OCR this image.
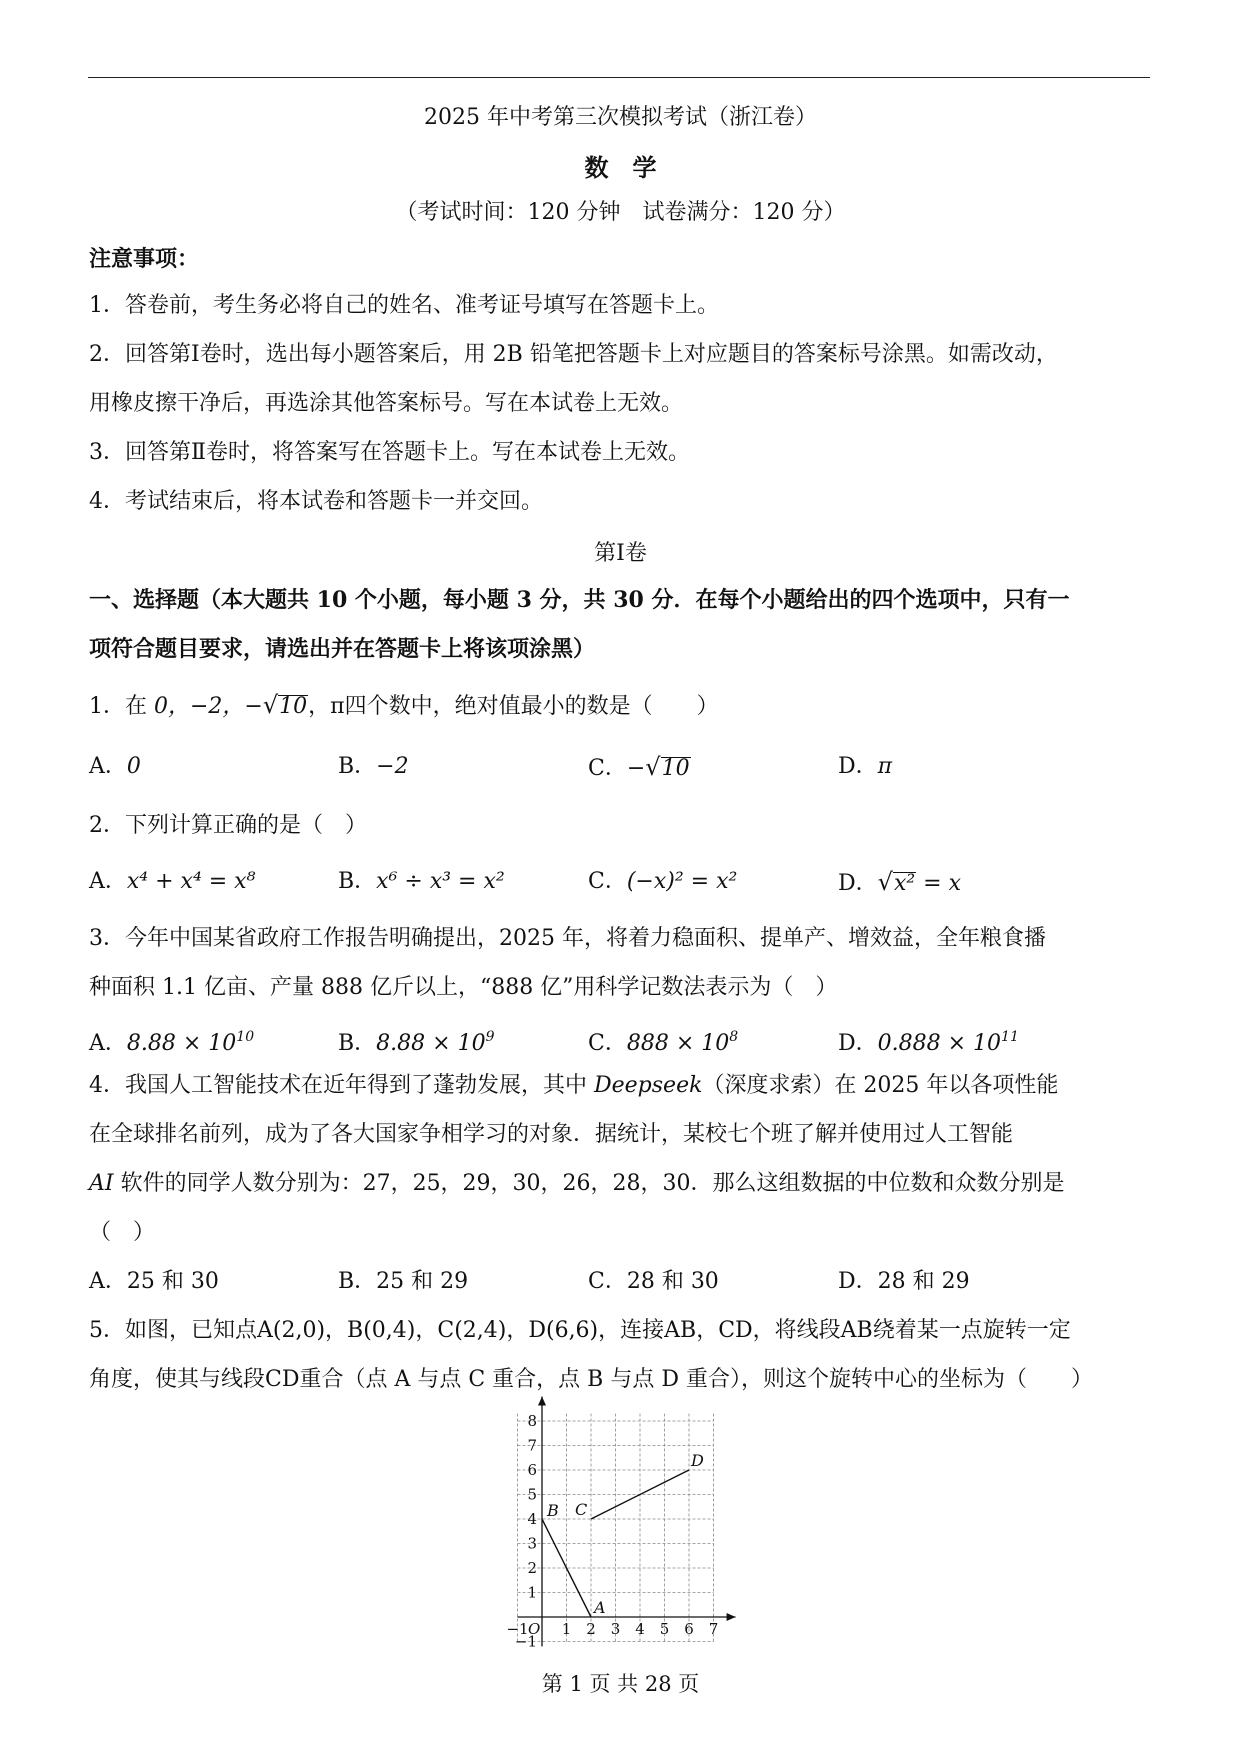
2025 年中考第三次模拟考试（浙江卷）
数　学
（考试时间：120 分钟　试卷满分：120 分）
注意事项：
1．答卷前，考生务必将自己的姓名、准考证号填写在答题卡上。
2．回答第Ⅰ卷时，选出每小题答案后，用 2B 铅笔把答题卡上对应题目的答案标号涂黑。如需改动，
用橡皮擦干净后，再选涂其他答案标号。写在本试卷上无效。
3．回答第Ⅱ卷时，将答案写在答题卡上。写在本试卷上无效。
4．考试结束后，将本试卷和答题卡一并交回。
第Ⅰ卷
一、选择题（本大题共 10 个小题，每小题 3 分，共 30 分．在每个小题给出的四个选项中，只有一
项符合题目要求，请选出并在答题卡上将该项涂黑）
1．在 0，−2，−√10，π四个数中，绝对值最小的数是（　　）
A．0	B．−2	C．−√10	D．π
2．下列计算正确的是（　）
A．x⁴ + x⁴ = x⁸	B．x⁶ ÷ x³ = x²	C．(−x)² = x²	D．√x² = x
3．今年中国某省政府工作报告明确提出，2025 年，将着力稳面积、提单产、增效益，全年粮食播
种面积 1.1 亿亩、产量 888 亿斤以上，“888 亿”用科学记数法表示为（　）
A．$8.88 \times 10^{10}$	B．$8.88 \times 10^9$	C．$888 \times 10^8$	D．$0.888 \times 10^{11}$
4．我国人工智能技术在近年得到了蓬勃发展，其中 Deepseek（深度求索）在 2025 年以各项性能
在全球排名前列，成为了各大国家争相学习的对象．据统计，某校七个班了解并使用过人工智能
AI 软件的同学人数分别为：27，25，29，30，26，28，30．那么这组数据的中位数和众数分别是
（　）
A．25 和 30	B．25 和 29	C．28 和 30	D．28 和 29
5．如图，已知点A(2,0)，B(0,4)，C(2,4)，D(6,6)，连接AB，CD，将线段AB绕着某一点旋转一定
角度，使其与线段CD重合（点 A 与点 C 重合，点 B 与点 D 重合），则这个旋转中心的坐标为（　　）
−1 1 2 3 4 5 6 7
−1
1
2
3
4
5
6
7
8
O
A
B C
D
第 1 页 共 28 页
